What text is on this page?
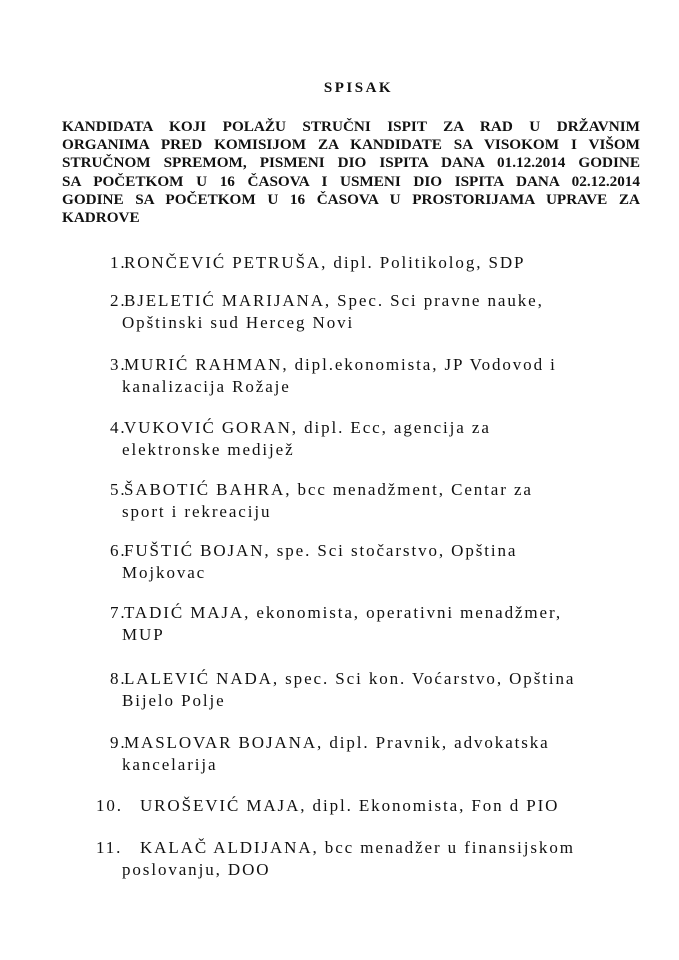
SPISAK
KANDIDATA KOJI POLAŽU STRUČNI ISPIT ZA RAD U DRŽAVNIM
ORGANIMA PRED KOMISIJOM ZA KANDIDATE SA VISOKOM I VIŠOM
STRUČNOM SPREMOM, PISMENI DIO ISPITA DANA 01.12.2014 GODINE
SA POČETKOM U 16 ČASOVA I USMENI DIO ISPITA DANA 02.12.2014
GODINE SA POČETKOM U 16 ČASOVA U PROSTORIJAMA UPRAVE ZA
KADROVE
1.
RONČEVIĆ PETRUŠA, dipl. Politikolog, SDP
2.
BJELETIĆ MARIJANA, Spec. Sci pravne nauke,
Opštinski sud Herceg Novi
3.
MURIĆ RAHMAN, dipl.ekonomista, JP Vodovod i
kanalizacija Rožaje
4.
VUKOVIĆ GORAN, dipl. Ecc, agencija za
elektronske medijež
5.
ŠABOTIĆ BAHRA, bcc menadžment, Centar za
sport i rekreaciju
6.
FUŠTIĆ BOJAN, spe. Sci stočarstvo, Opština
Mojkovac
7.
TADIĆ MAJA, ekonomista, operativni menadžmer,
MUP
8.
LALEVIĆ NADA, spec. Sci kon. Voćarstvo, Opština
Bijelo Polje
9.
MASLOVAR BOJANA, dipl. Pravnik, advokatska
kancelarija
10. UROŠEVIĆ MAJA, dipl. Ekonomista, Fon d PIO
11. KALAČ ALDIJANA, bcc menadžer u finansijskom
poslovanju, DOO
